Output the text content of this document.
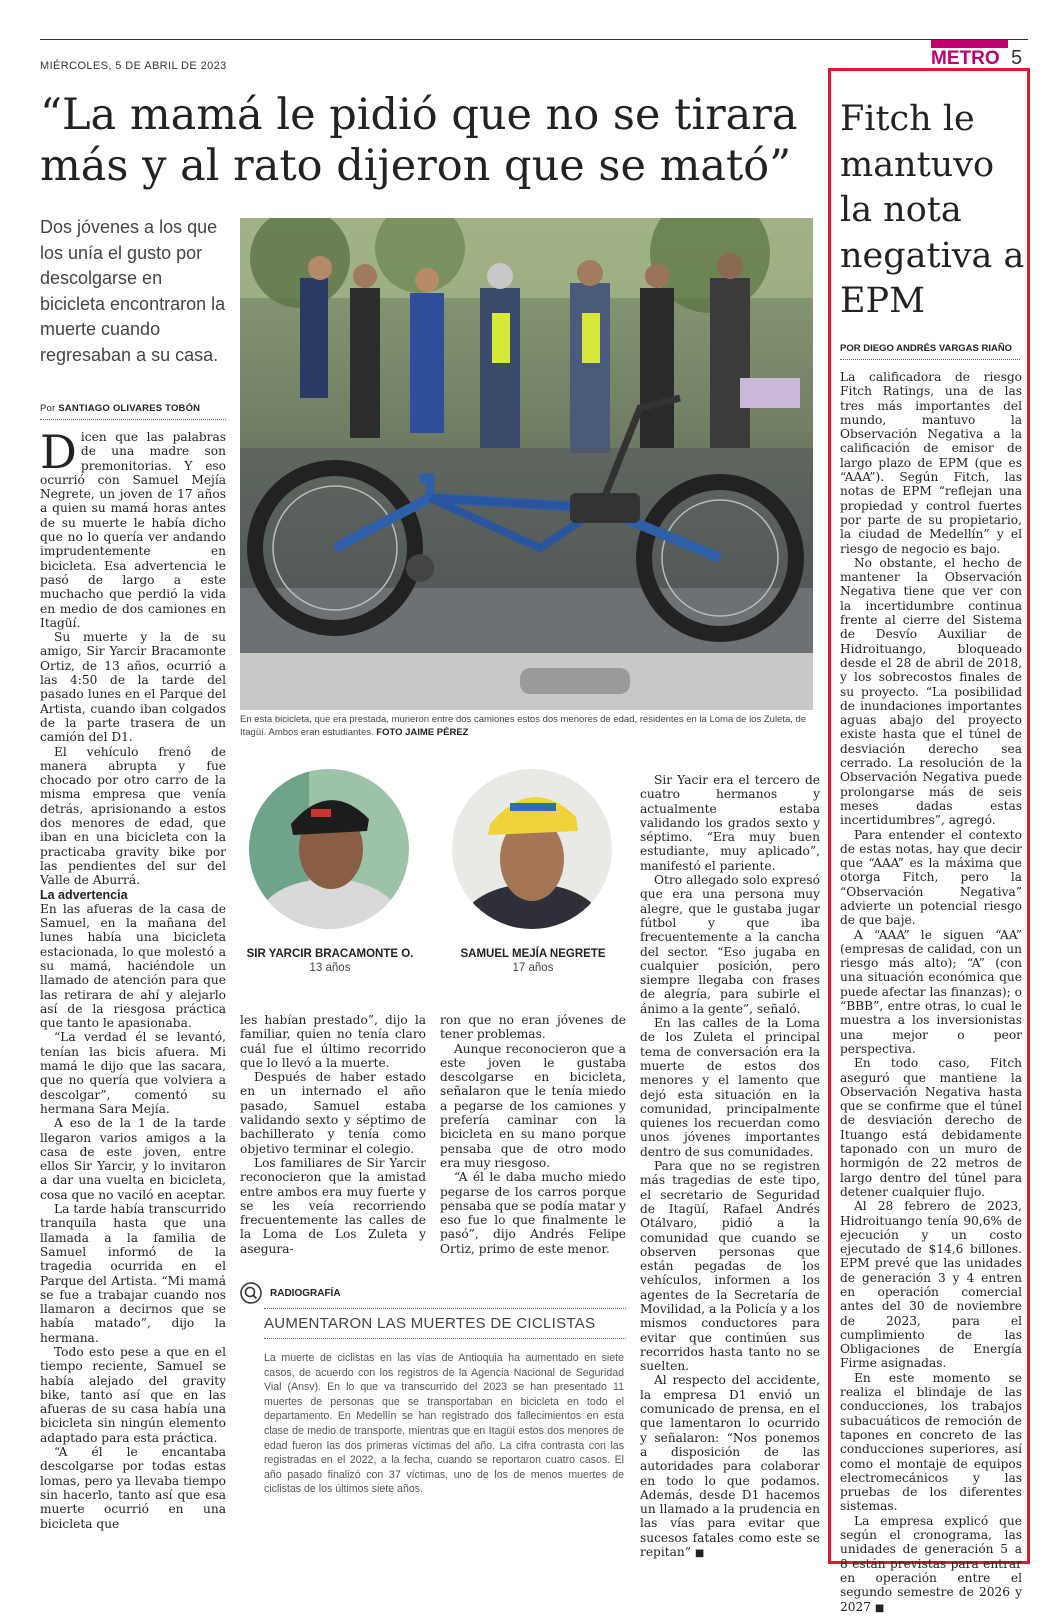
MIÉRCOLES, 5 DE ABRIL DE 2023	METRO 5
“La mamá le pidió que no se tirara más y al rato dijeron que se mató”
Dos jóvenes a los que los unía el gusto por descolgarse en bicicleta encontraron la muerte cuando regresaban a su casa.
Por SANTIAGO OLIVARES TOBÓN

Dicen que las palabras de una madre son premonitorias. Y eso ocurrió con Samuel Mejía Negrete, un joven de 17 años a quien su mamá horas antes de su muerte le había dicho que no lo quería ver andando imprudentemente en bicicleta. Esa advertencia le pasó de largo a este muchacho que perdió la vida en medio de dos camiones en Itagüí.

Su muerte y la de su amigo, Sir Yarcir Bracamonte Ortiz, de 13 años, ocurrió a las 4:50 de la tarde del pasado lunes en el Parque del Artista, cuando iban colgados de la parte trasera de un camión del D1.

El vehículo frenó de manera abrupta y fue chocado por otro carro de la misma empresa que venía detrás, aprisionando a estos dos menores de edad, que iban en una bicicleta con la practicaba gravity bike por las pendientes del sur del Valle de Aburrá.

La advertencia

En las afueras de la casa de Samuel, en la mañana del lunes había una bicicleta estacionada, lo que molestó a su mamá, haciéndole un llamado de atención para que las retirara de ahí y alejarlo así de la riesgosa práctica que tanto le apasionaba.

“La verdad él se levantó, tenían las bicis afuera. Mi mamá le dijo que las sacara, que no quería que volviera a descolgar”, comentó su hermana Sara Mejía.

A eso de la 1 de la tarde llegaron varios amigos a la casa de este joven, entre ellos Sir Yarcir, y lo invitaron a dar una vuelta en bicicleta, cosa que no vaciló en aceptar.

La tarde había transcurrido tranquila hasta que una llamada a la familia de Samuel informó de la tragedia ocurrida en el Parque del Artista. “Mi mamá se fue a trabajar cuando nos llamaron a decirnos que se había matado”, dijo la hermana.

Todo esto pese a que en el tiempo reciente, Samuel se había alejado del gravity bike, tanto así que en las afueras de su casa había una bicicleta sin ningún elemento adaptado para esta práctica.

“A él le encantaba descolgarse por todas estas lomas, pero ya llevaba tiempo sin hacerlo, tanto así que esa muerte ocurrió en una bicicleta que

En esta bicicleta, que era prestada, murieron entre dos camiones estos dos menores de edad, residentes en la Loma de los Zuleta, de Itagüí. Ambos eran estudiantes. FOTO JAIME PÉREZ
SIR YARCIR BRACAMONTE O.
13 años
SAMUEL MEJÍA NEGRETE
17 años

les habían prestado”, dijo la familiar, quien no tenía claro cuál fue el último recorrido que lo llevó a la muerte.

Después de haber estado en un internado el año pasado, Samuel estaba validando sexto y séptimo de bachillerato y tenía como objetivo terminar el colegio.

Los familiares de Sir Yarcir reconocieron que la amistad entre ambos era muy fuerte y se les veía recorriendo frecuentemente las calles de la Loma de Los Zuleta y asegura-

ron que no eran jóvenes de tener problemas.

Aunque reconocieron que a este joven le gustaba descolgarse en bicicleta, señalaron que le tenía miedo a pegarse de los camiones y prefería caminar con la bicicleta en su mano porque pensaba que de otro modo era muy riesgoso.

“A él le daba mucho miedo pegarse de los carros porque pensaba que se podía matar y eso fue lo que finalmente le pasó”, dijo Andrés Felipe Ortiz, primo de este menor.

RADIOGRAFÍA
AUMENTARON LAS MUERTES DE CICLISTAS
La muerte de ciclistas en las vías de Antioquia ha aumentado en siete casos, de acuerdo con los registros de la Agencia Nacional de Seguridad Vial (Ansv). En lo que va transcurrido del 2023 se han presentado 11 muertes de personas que se transportaban en bicicleta en todo el departamento. En Medellín se han registrado dos fallecimientos en esta clase de medio de transporte, mientras que en Itagüí estos dos menores de edad fueron las dos primeras víctimas del año. La cifra contrasta con las registradas en el 2022, a la fecha, cuando se reportaron cuatro casos. El año pasado finalizó con 37 víctimas, uno de los de menos muertes de ciclistas de los últimos siete años.

Sir Yacir era el tercero de cuatro hermanos y actualmente estaba validando los grados sexto y séptimo. “Era muy buen estudiante, muy aplicado”, manifestó el pariente.

Otro allegado solo expresó que era una persona muy alegre, que le gustaba jugar fútbol y que iba frecuentemente a la cancha del sector. “Eso jugaba en cualquier posición, pero siempre llegaba con frases de alegría, para subirle el ánimo a la gente”, señaló.

En las calles de la Loma de los Zuleta el principal tema de conversación era la muerte de estos dos menores y el lamento que dejó esta situación en la comunidad, principalmente quienes los recuerdan como unos jóvenes importantes dentro de sus comunidades.

Para que no se registren más tragedias de este tipo, el secretario de Seguridad de Itagüí, Rafael Andrés Otálvaro, pidió a la comunidad que cuando se observen personas que están pegadas de los vehículos, informen a los agentes de la Secretaría de Movilidad, a la Policía y a los mismos conductores para evitar que continúen sus recorridos hasta tanto no se suelten.

Al respecto del accidente, la empresa D1 envió un comunicado de prensa, en el que lamentaron lo ocurrido y señalaron: “Nos ponemos a disposición de las autoridades para colaborar en todo lo que podamos. Además, desde D1 hacemos un llamado a la prudencia en las vías para evitar que sucesos fatales como este se repitan” ■

Fitch le mantuvo la nota negativa a EPM
POR DIEGO ANDRÉS VARGAS RIAÑO

La calificadora de riesgo Fitch Ratings, una de las tres más importantes del mundo, mantuvo la Observación Negativa a la calificación de emisor de largo plazo de EPM (que es “AAA”). Según Fitch, las notas de EPM “reflejan una propiedad y control fuertes por parte de su propietario, la ciudad de Medellín” y el riesgo de negocio es bajo.

No obstante, el hecho de mantener la Observación Negativa tiene que ver con la incertidumbre continua frente al cierre del Sistema de Desvío Auxiliar de Hidroituango, bloqueado desde el 28 de abril de 2018, y los sobrecostos finales de su proyecto. “La posibilidad de inundaciones importantes aguas abajo del proyecto existe hasta que el túnel de desviación derecho sea cerrado. La resolución de la Observación Negativa puede prolongarse más de seis meses dadas estas incertidumbres”, agregó.

Para entender el contexto de estas notas, hay que decir que “AAA” es la máxima que otorga Fitch, pero la “Observación Negativa” advierte un potencial riesgo de que baje.

A “AAA” le siguen “AA” (empresas de calidad, con un riesgo más alto); “A” (con una situación económica que puede afectar las finanzas); o “BBB”, entre otras, lo cual le muestra a los inversionistas una mejor o peor perspectiva.

En todo caso, Fitch aseguró que mantiene la Observación Negativa hasta que se confirme que el túnel de desviación derecho de Ituango está debidamente taponado con un muro de hormigón de 22 metros de largo dentro del túnel para detener cualquier flujo.

Al 28 febrero de 2023, Hidroituango tenía 90,6% de ejecución y un costo ejecutado de $14,6 billones. EPM prevé que las unidades de generación 3 y 4 entren en operación comercial antes del 30 de noviembre de 2023, para el cumplimiento de las Obligaciones de Energía Firme asignadas.

En este momento se realiza el blindaje de las conducciones, los trabajos subacuáticos de remoción de tapones en concreto de las conducciones superiores, así como el montaje de equipos electromecánicos y las pruebas de los diferentes sistemas.

La empresa explicó que según el cronograma, las unidades de generación 5 a 8 están previstas para entrar en operación entre el segundo semestre de 2026 y 2027 ■
